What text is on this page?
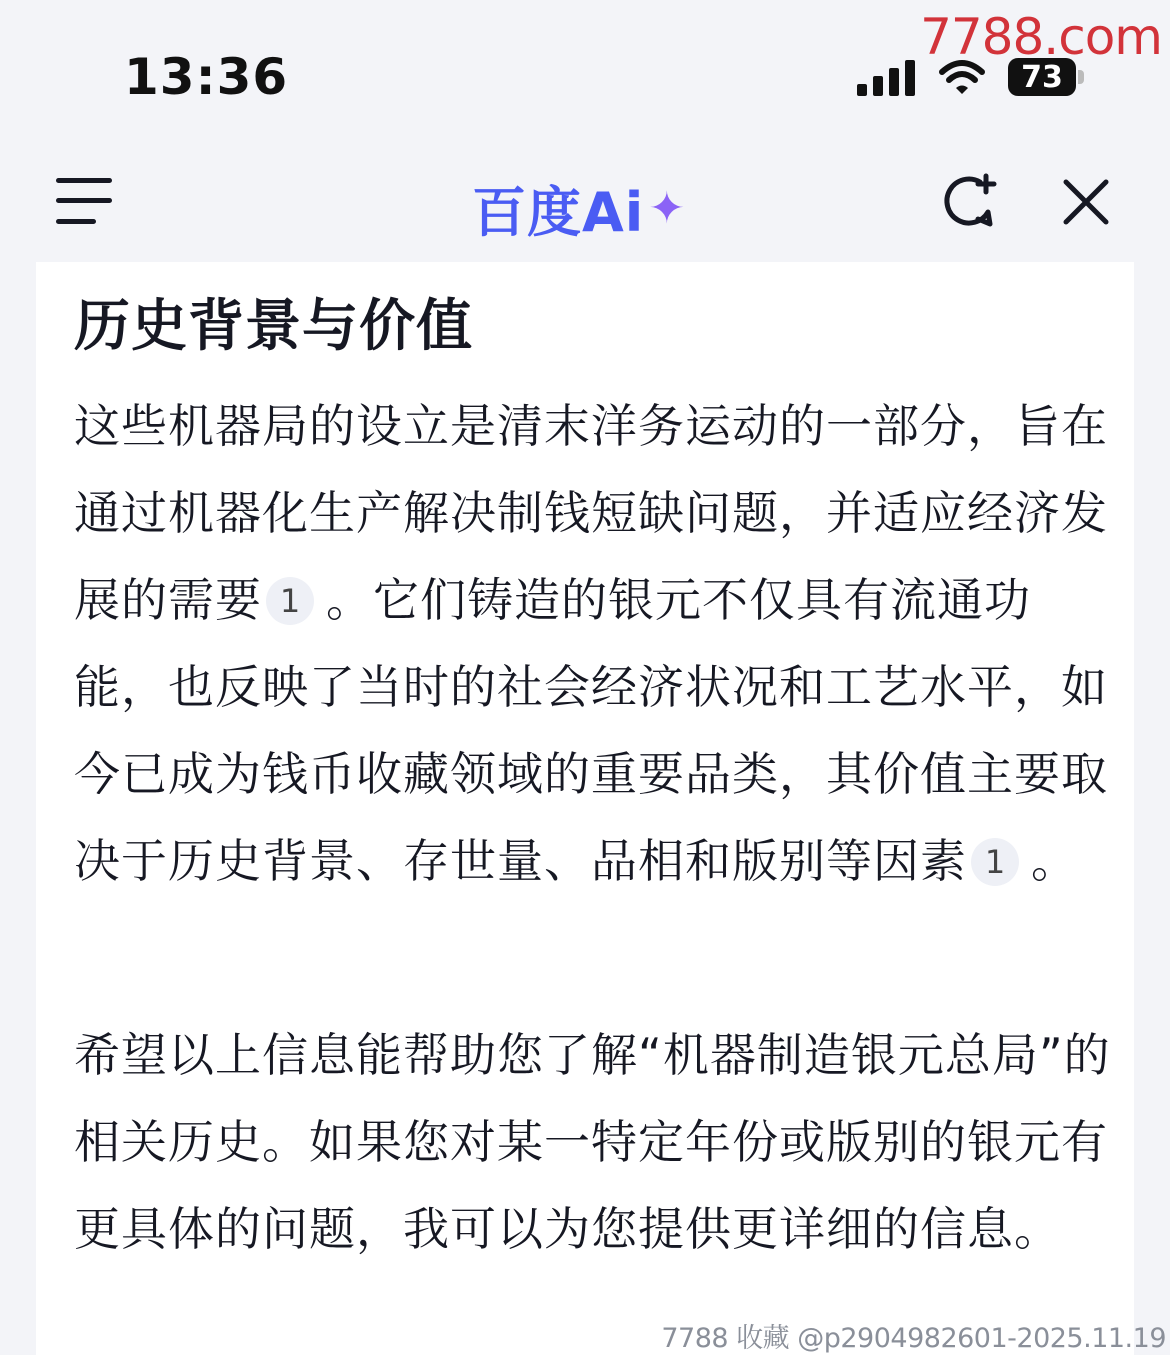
13:36	73
7788.com
百度Ai ✦
历史背景与价值

这些机器局的设立是清末洋务运动的一部分，旨在通过机器化生产解决制钱短缺问题，并适应经济发展的需要 1 。它们铸造的银元不仅具有流通功能，也反映了当时的社会经济状况和工艺水平，如今已成为钱币收藏领域的重要品类，其价值主要取决于历史背景、存世量、品相和版别等因素 1 。

希望以上信息能帮助您了解“机器制造银元总局”的相关历史。如果您对某一特定年份或版别的银元有更具体的问题，我可以为您提供更详细的信息。

7788 收藏 @p2904982601-2025.11.19
